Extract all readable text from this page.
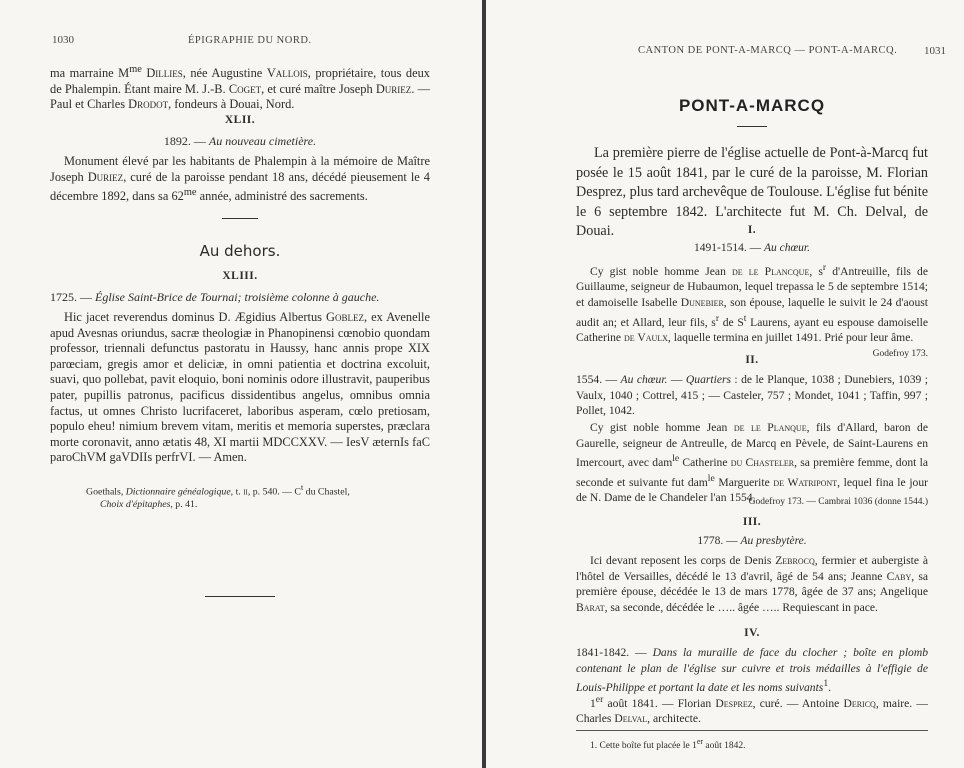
1030	ÉPIGRAPHIE DU NORD.

ma marraine $M^{me}$ Dillies, née Augustine Vallois, propriétaire, tous deux de Phalempin. Étant maire M. J.-B. Coget, et curé maître Joseph Duriez. — Paul et Charles Drodot, fondeurs à Douai, Nord.

XLII.
1892. — Au nouveau cimetière.

Monument élevé par les habitants de Phalempin à la mémoire de Maître Joseph Duriez, curé de la paroisse pendant 18 ans, décédé pieusement le 4 décembre 1892, dans sa $62^{me}$ année, administré des sacrements.

Au dehors.
XLIII.
1725. — Église Saint-Brice de Tournai; troisième colonne à gauche.

Hic jacet reverendus dominus D. Ægidius Albertus Goblez, ex Avenelle apud Avesnas oriundus, sacræ theologiæ in Phanopinensi cœnobio quondam professor, triennali defunctus pastoratu in Haussy, hanc annis prope XIX parœciam, gregis amor et deliciæ, in omni patientia et doctrina excoluit, suavi, quo pollebat, pavit eloquio, boni nominis odore illustravit, pauperibus pater, pupillis patronus, pacificus dissidentibus angelus, omnibus omnia factus, ut omnes Christo lucrifaceret, laboribus asperam, cœlo pretiosam, populo eheu! nimium brevem vitam, meritis et memoria superstes, præclara morte coronavit, anno ætatis 48, XI martii MDCCXXV. — IesV æternIs faC paroChVM gaVDIIs perfrVI. — Amen.

Goethals, Dictionnaire généalogique, t. ii, p. 540. — $C^t$ du Chastel,
Choix d'épitaphes, p. 41.

CANTON DE PONT-A-MARCQ — PONT-A-MARCQ. 1031
PONT-A-MARCQ

La première pierre de l'église actuelle de Pont-à-Marcq fut posée le 15 août 1841, par le curé de la paroisse, M. Florian Desprez, plus tard archevêque de Toulouse. L'église fut bénite le 6 septembre 1842. L'architecte fut M. Ch. Delval, de Douai.	I.
1491-1514. — Au chœur.

Cy gist noble homme Jean de le Plancque, $s^r$ d'Antreuille, fils de Guillaume, seigneur de Hubaumon, lequel trepassa le 5 de septembre 1514; et damoiselle Isabelle Dunebier, son épouse, laquelle le suivit le 24 d'aoust audit an; et Allard, leur fils, $s^r$ de $S^t$ Laurens, ayant eu espouse damoiselle Catherine de Vaulx, laquelle termina en juillet 1491. Prié pour leur âme.

Godefroy 173.
II.

1554. — Au chœur. — Quartiers : de le Planque, 1038 ; Dunebiers, 1039 ; Vaulx, 1040 ; Cottrel, 415 ; — Casteler, 757 ; Mondet, 1041 ; Taffin, 997 ; Pollet, 1042.

Cy gist noble homme Jean de le Planque, fils d'Allard, baron de Gaurelle, seigneur de Antreulle, de Marcq en Pèvele, de Saint-Laurens en Imercourt, avec dam$^{le}$ Catherine du Chasteler, sa première femme, dont la seconde et suivante fut dam$^{le}$ Marguerite de Watripont, lequel fina le jour de N. Dame de le Chandeler l'an 1554.

Godefroy 173. — Cambrai 1036 (donne 1544.)
III.
1778. — Au presbytère.

Ici devant reposent les corps de Denis Zebrocq, fermier et aubergiste à l'hôtel de Versailles, décédé le 13 d'avril, âgé de 54 ans; Jeanne Caby, sa première épouse, décédée le 13 de mars 1778, âgée de 37 ans; Angelique Barat, sa seconde, décédée le ….. âgée ….. Requiescant in pace.

IV.

1841-1842. — Dans la muraille de face du clocher ; boîte en plomb contenant le plan de l'église sur cuivre et trois médailles à l'effigie de Louis-Philippe et portant la date et les noms suivants$^1$.

1er août 1841. — Florian Desprez, curé. — Antoine Dericq, maire. — Charles Delval, architecte.

1. Cette boîte fut placée le 1er août 1842.
